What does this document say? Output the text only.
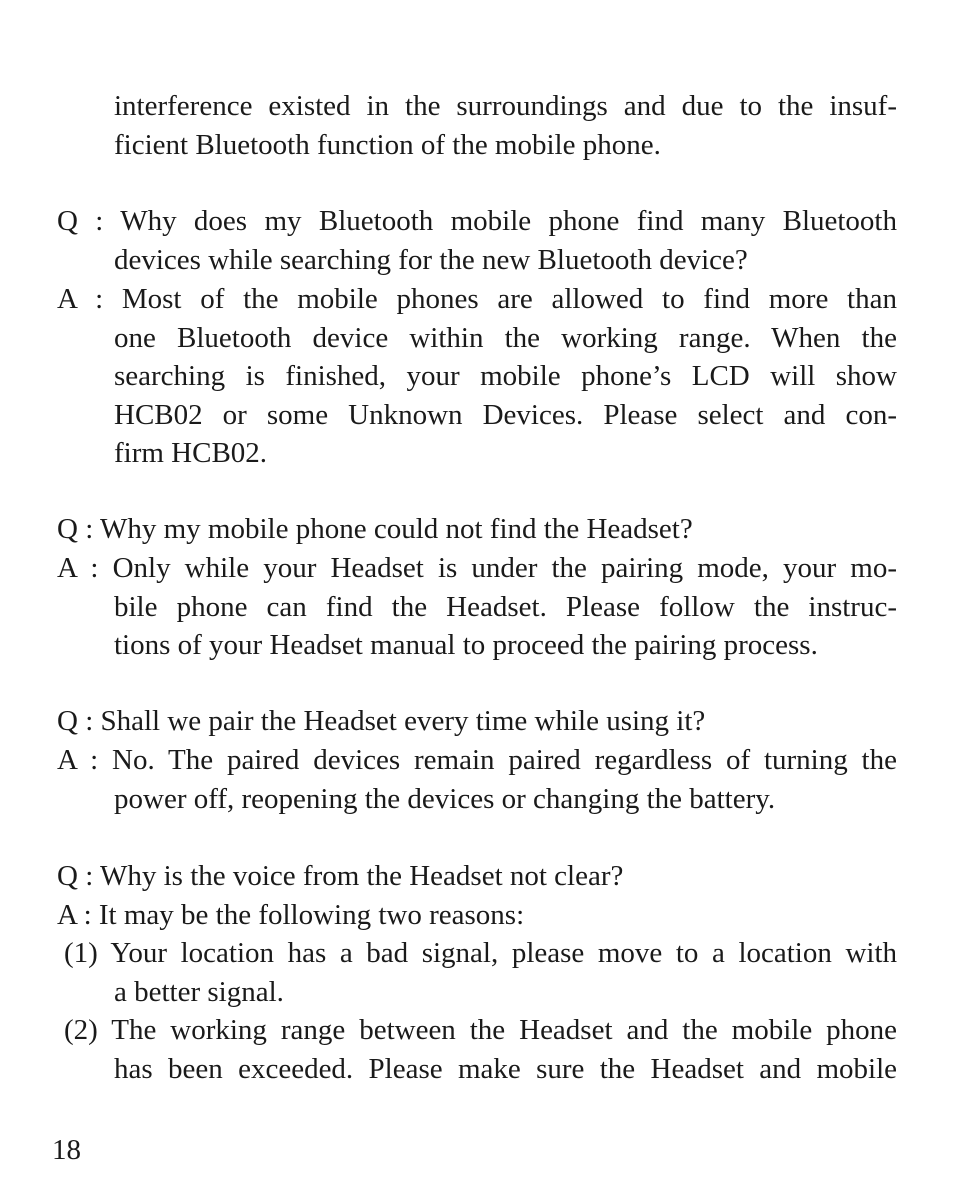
interference existed in the surroundings and due to the insuf-
ficient Bluetooth function of the mobile phone.
Q : Why does my Bluetooth mobile phone find many Bluetooth
devices while searching for the new Bluetooth device?
A : Most of the mobile phones are allowed to find more than
one Bluetooth device within the working range. When the
searching is finished, your mobile phone’s LCD will show
HCB02 or some Unknown Devices. Please select and con-
firm HCB02.
Q : Why my mobile phone could not find the Headset?
A : Only while your Headset is under the pairing mode, your mo-
bile phone can find the Headset. Please follow the instruc-
tions of your Headset manual to proceed the pairing process.
Q : Shall we pair the Headset every time while using it?
A : No. The paired devices remain paired regardless of turning the
power off, reopening the devices or changing the battery.
Q : Why is the voice from the Headset not clear?
A : It may be the following two reasons:
(1) Your location has a bad signal, please move to a location with
a better signal.
(2) The working range between the Headset and the mobile phone
has been exceeded. Please make sure the Headset and mobile
18
